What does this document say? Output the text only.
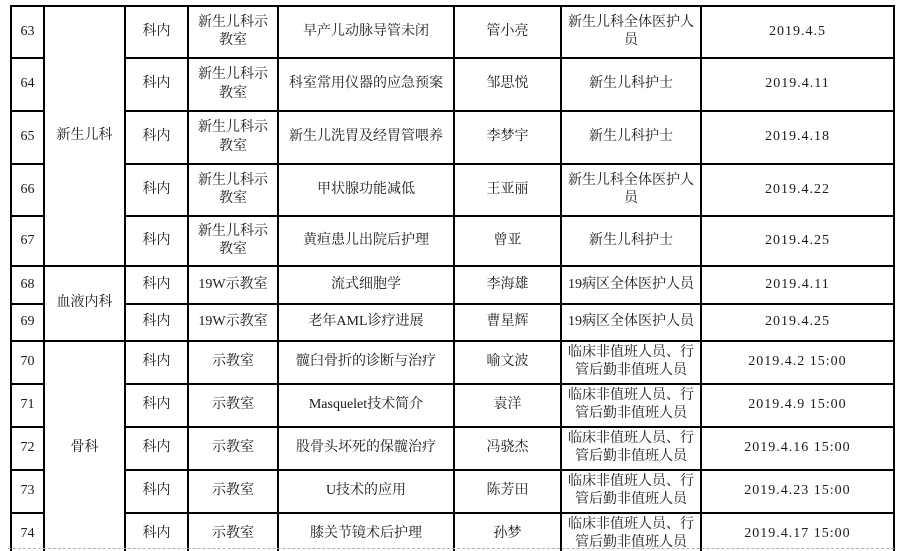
63	新生儿科	科内	新生儿科示教室	早产儿动脉导管未闭	管小亮	新生儿科全体医护人员	2019.4.5
64		科内	新生儿科示教室	科室常用仪器的应急预案	邹思悦	新生儿科护士	2019.4.11
65		科内	新生儿科示教室	新生儿洗胃及经胃管喂养	李梦宇	新生儿科护士	2019.4.18
66		科内	新生儿科示教室	甲状腺功能减低	王亚丽	新生儿科全体医护人员	2019.4.22
67		科内	新生儿科示教室	黄疸患儿出院后护理	曾亚	新生儿科护士	2019.4.25
68	血液内科	科内	19W示教室	流式细胞学	李海雄	19病区全体医护人员	2019.4.11
69		科内	19W示教室	老年AML诊疗进展	曹星辉	19病区全体医护人员	2019.4.25
70	骨科	科内	示教室	髋臼骨折的诊断与治疗	喻文波	临床非值班人员、行管后勤非值班人员	2019.4.2 15:00
71		科内	示教室	Masquelet技术简介	袁洋	临床非值班人员、行管后勤非值班人员	2019.4.9 15:00
72		科内	示教室	股骨头坏死的保髋治疗	冯骁杰	临床非值班人员、行管后勤非值班人员	2019.4.16 15:00
73		科内	示教室	U技术的应用	陈芳田	临床非值班人员、行管后勤非值班人员	2019.4.23 15:00
74		科内	示教室	膝关节镜术后护理	孙梦	临床非值班人员、行管后勤非值班人员	2019.4.17 15:00
